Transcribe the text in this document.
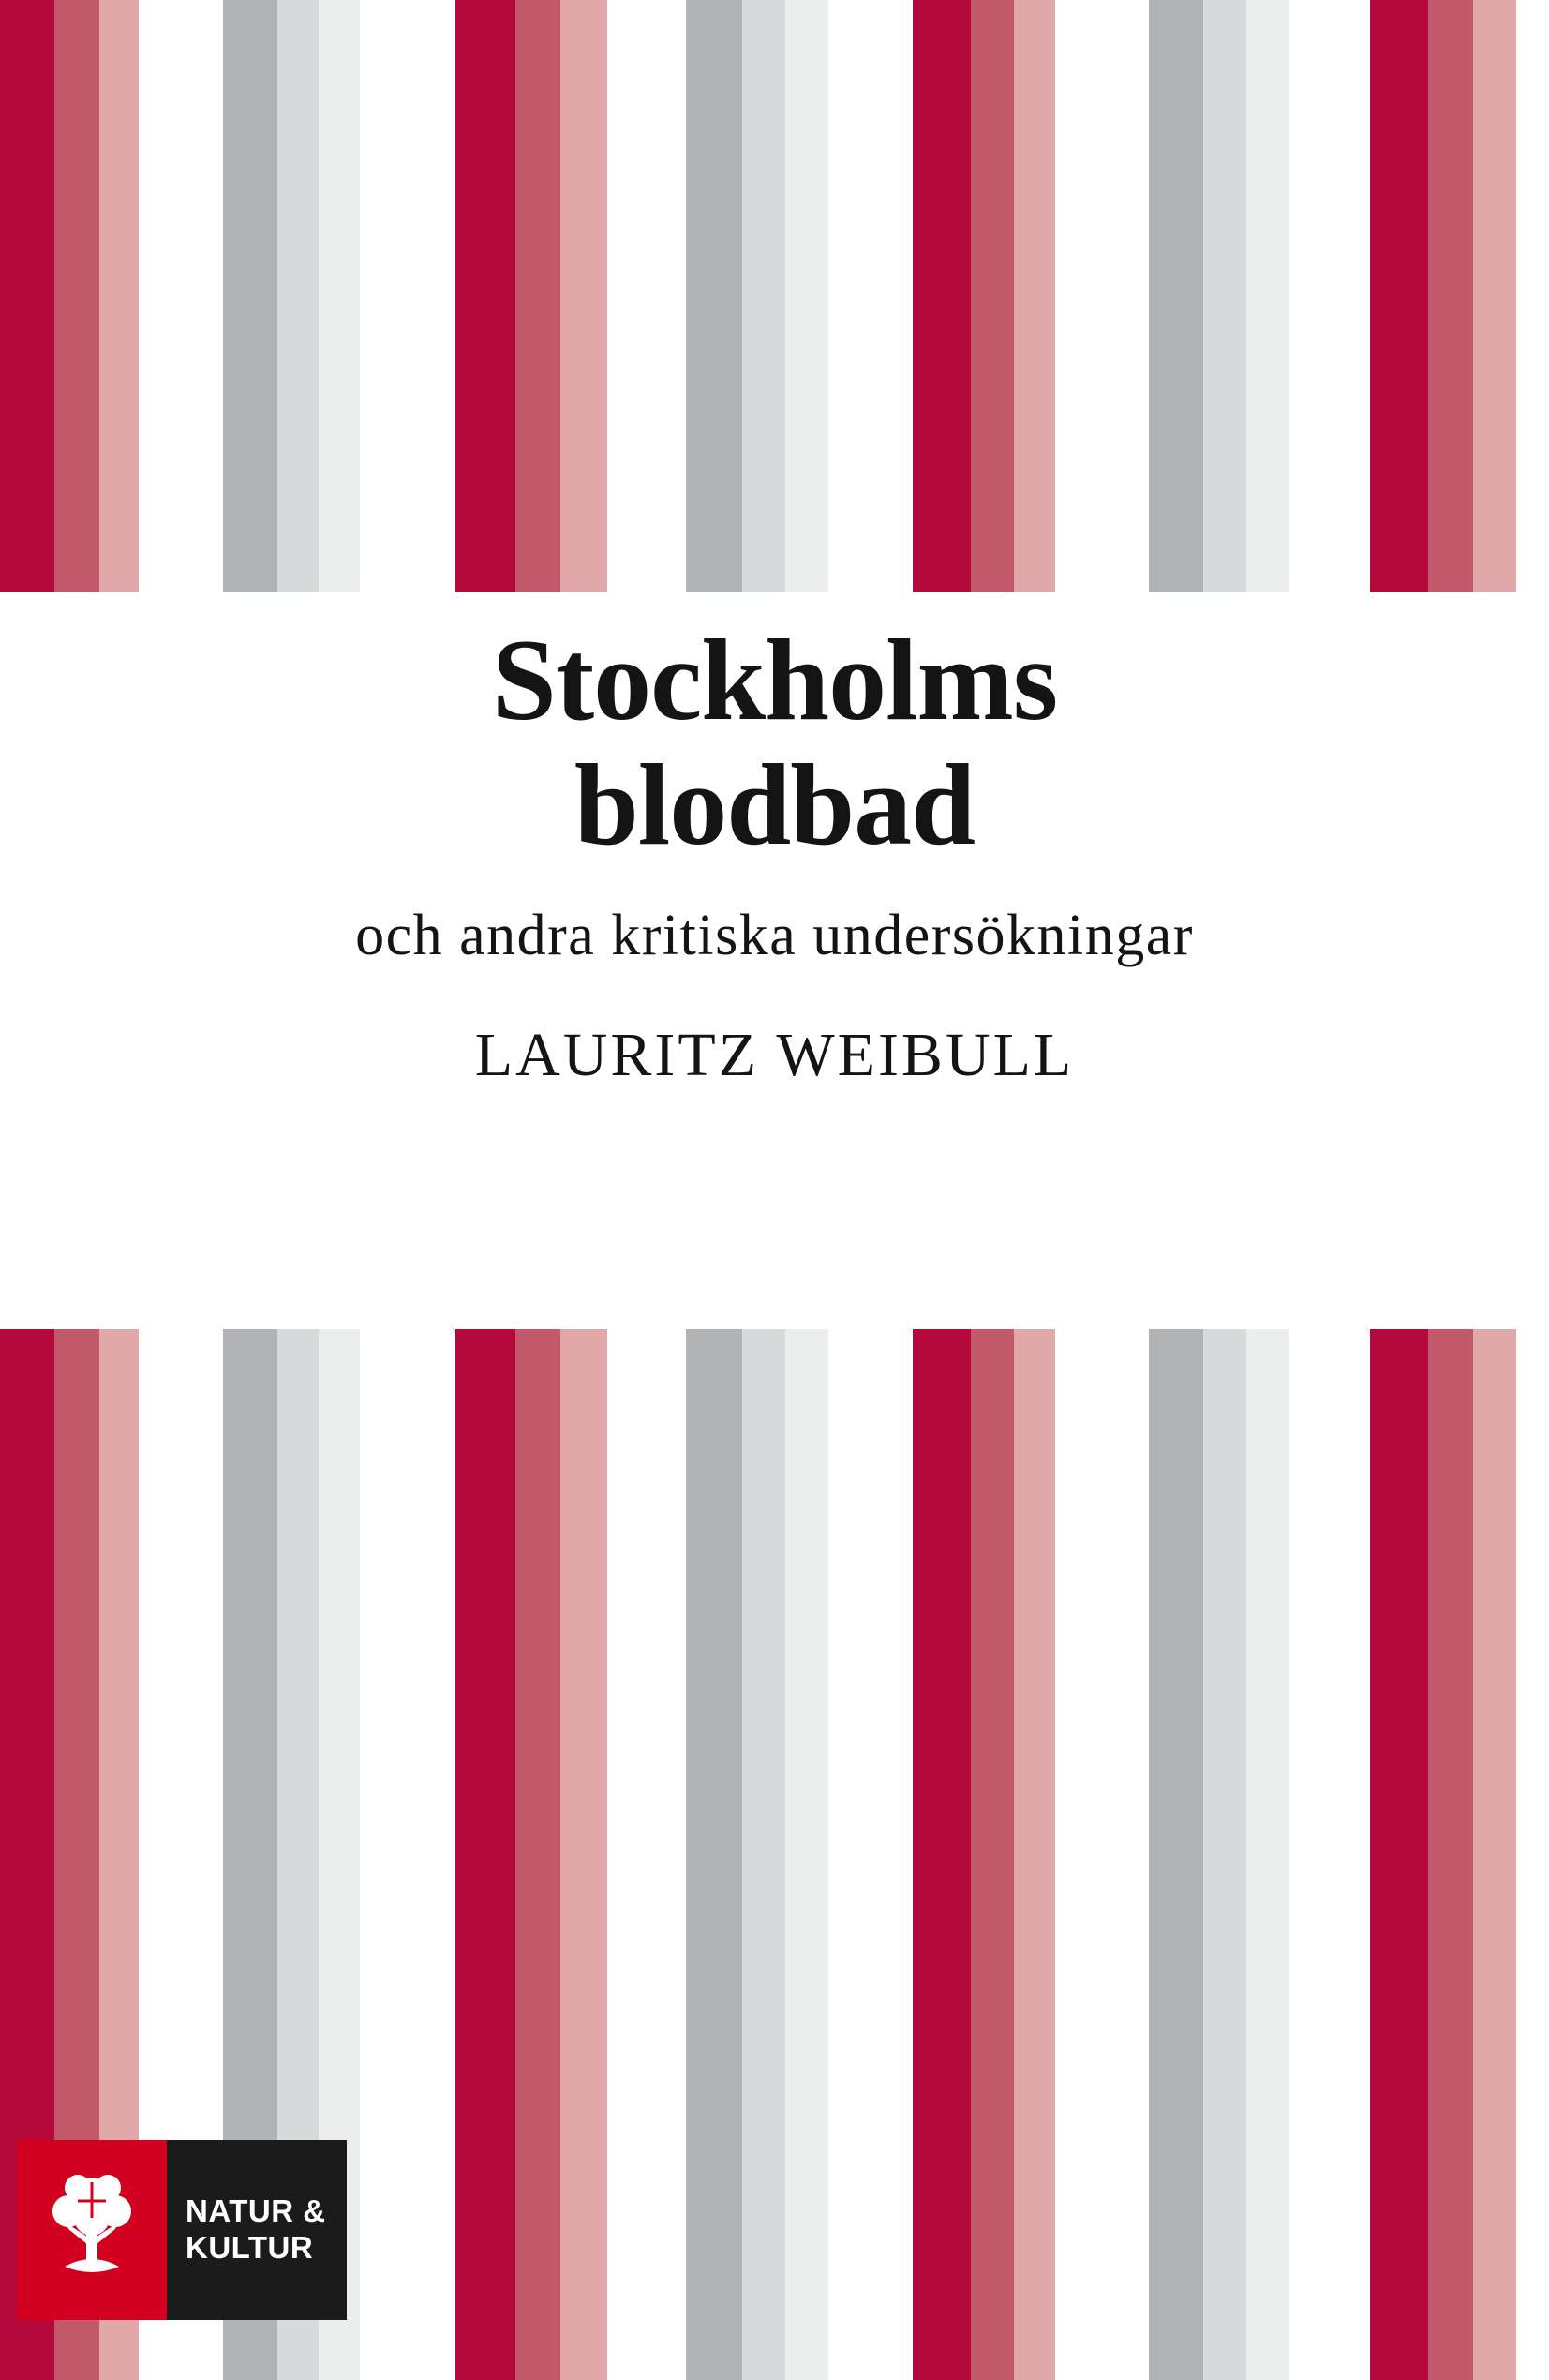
Stockholms
blodbad
och andra kritiska undersökningar
LAURITZ WEIBULL
NATUR &
KULTUR
